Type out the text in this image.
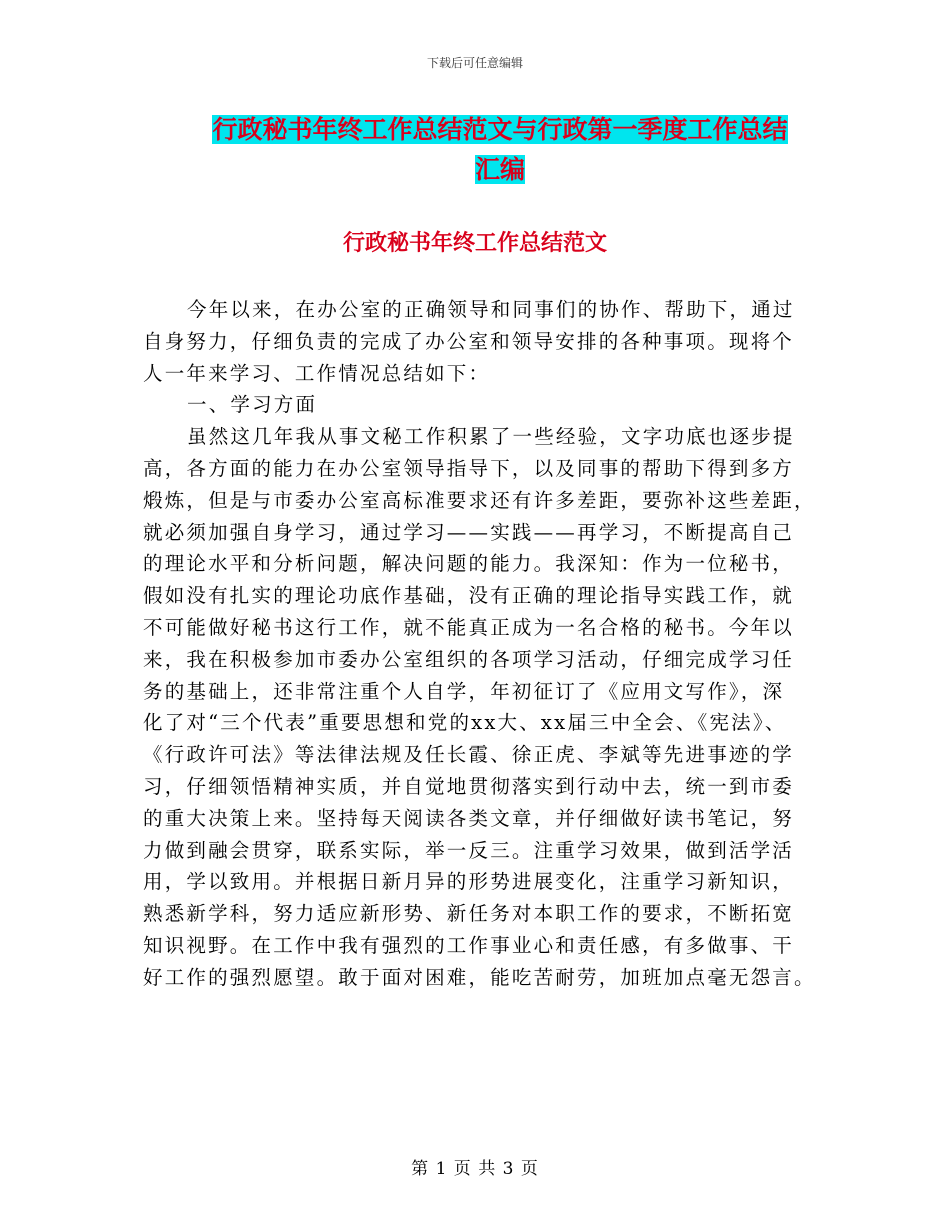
下载后可任意编辑
行政秘书年终工作总结范文与行政第一季度工作总结
汇编
行政秘书年终工作总结范文
今年以来，在办公室的正确领导和同事们的协作、帮助下，通过
自身努力，仔细负责的完成了办公室和领导安排的各种事项。现将个
人一年来学习、工作情况总结如下：
一、学习方面
虽然这几年我从事文秘工作积累了一些经验，文字功底也逐步提
高，各方面的能力在办公室领导指导下，以及同事的帮助下得到多方
煅炼，但是与市委办公室高标准要求还有许多差距，要弥补这些差距，
就必须加强自身学习，通过学习——实践——再学习，不断提高自己
的理论水平和分析问题，解决问题的能力。我深知：作为一位秘书，
假如没有扎实的理论功底作基础，没有正确的理论指导实践工作，就
不可能做好秘书这行工作，就不能真正成为一名合格的秘书。今年以
来，我在积极参加市委办公室组织的各项学习活动，仔细完成学习任
务的基础上，还非常注重个人自学，年初征订了《应用文写作》，深
化了对“三个代表”重要思想和党的xx大、xx届三中全会、《宪法》、
《行政许可法》等法律法规及任长霞、徐正虎、李斌等先进事迹的学
习，仔细领悟精神实质，并自觉地贯彻落实到行动中去，统一到市委
的重大决策上来。坚持每天阅读各类文章，并仔细做好读书笔记，努
力做到融会贯穿，联系实际，举一反三。注重学习效果，做到活学活
用，学以致用。并根据日新月异的形势进展变化，注重学习新知识，
熟悉新学科，努力适应新形势、新任务对本职工作的要求，不断拓宽
知识视野。在工作中我有强烈的工作事业心和责任感，有多做事、干
好工作的强烈愿望。敢于面对困难，能吃苦耐劳，加班加点毫无怨言。
第 1 页 共 3 页
